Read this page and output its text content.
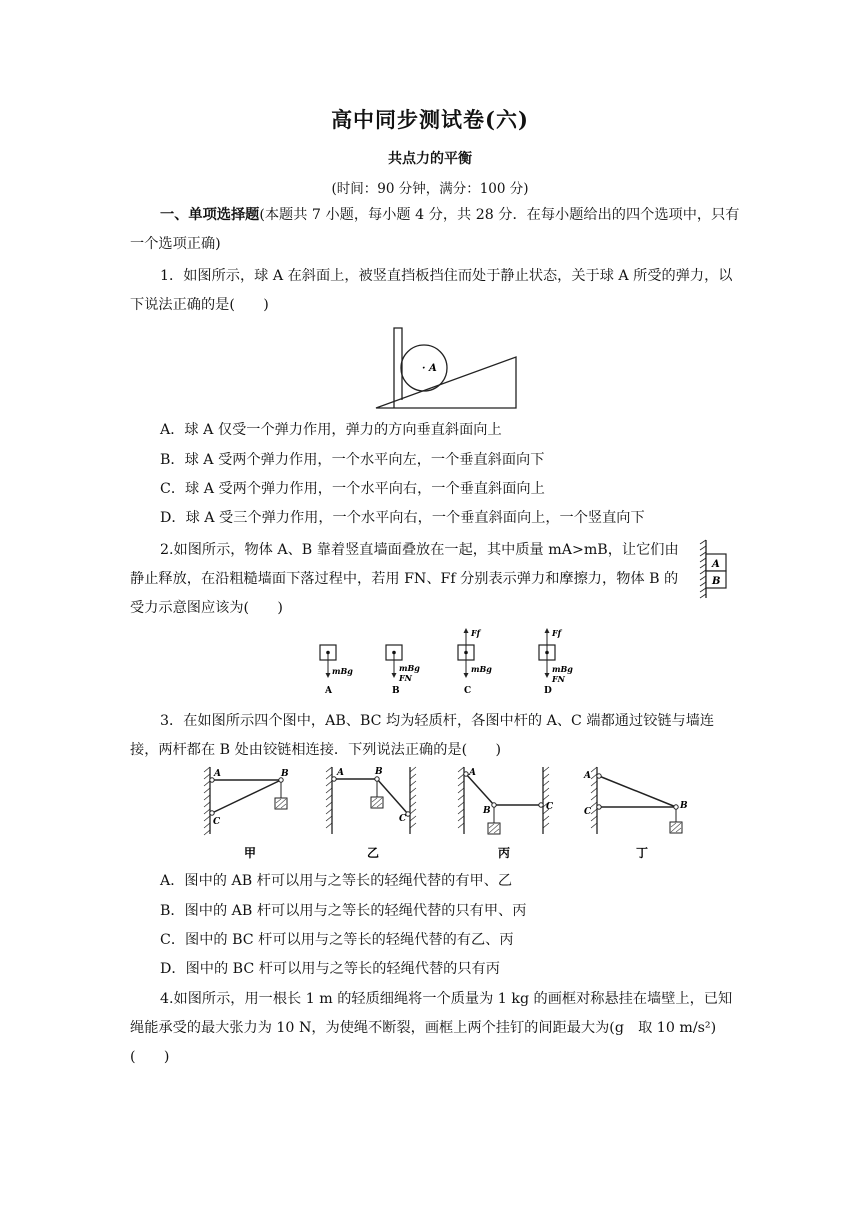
高中同步测试卷(六)
共点力的平衡
(时间：90 分钟，满分：100 分)

一、单项选择题(本题共 7 小题，每小题 4 分，共 28 分．在每小题给出的四个选项中，只有一个选项正确)

1．如图所示，球 A 在斜面上，被竖直挡板挡住而处于静止状态，关于球 A 所受的弹力，以下说法正确的是(　　)

· A
A．球 A 仅受一个弹力作用，弹力的方向垂直斜面向上
B．球 A 受两个弹力作用，一个水平向左，一个垂直斜面向下
C．球 A 受两个弹力作用，一个水平向右，一个垂直斜面向上
D．球 A 受三个弹力作用，一个水平向右，一个垂直斜面向上，一个竖直向下

2.如图所示，物体 A、B 靠着竖直墙面叠放在一起，其中质量 mA>mB，让它们由静止释放，在沿粗糙墙面下落过程中，若用 FN、Ff 分别表示弹力和摩擦力，物体 B 的受力示意图应该为(　　)

A
B
mBg
A
mBg
FN
B
Ff
mBg
C
Ff
mBg
FN
D

3．在如图所示四个图中，AB、BC 均为轻质杆，各图中杆的 A、C 端都通过铰链与墙连接，两杆都在 B 处由铰链相连接．下列说法正确的是(　　)

A	B
C
甲
A	B
C
乙
A
B	C
丙
A
B
C
丁
A．图中的 AB 杆可以用与之等长的轻绳代替的有甲、乙
B．图中的 AB 杆可以用与之等长的轻绳代替的只有甲、丙
C．图中的 BC 杆可以用与之等长的轻绳代替的有乙、丙
D．图中的 BC 杆可以用与之等长的轻绳代替的只有丙

4.如图所示，用一根长 1 m 的轻质细绳将一个质量为 1 kg 的画框对称悬挂在墙壁上，已知绳能承受的最大张力为 10 N，为使绳不断裂，画框上两个挂钉的间距最大为(g　取 10 m/s²)(　　)
